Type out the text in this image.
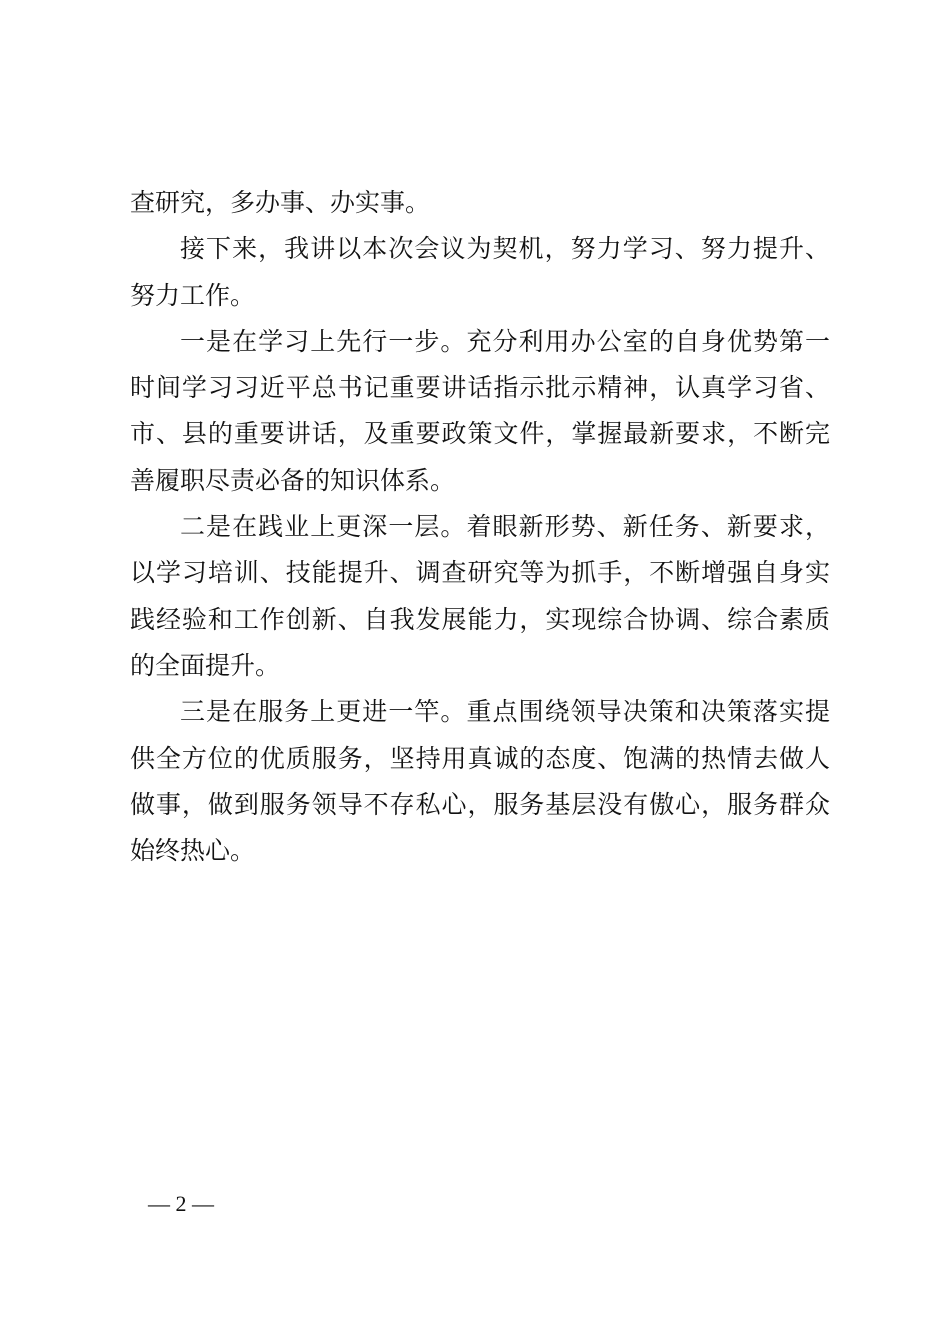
查研究，多办事、办实事。
接下来，我讲以本次会议为契机，努力学习、努力提升、
努力工作。
一是在学习上先行一步。充分利用办公室的自身优势第一
时间学习习近平总书记重要讲话指示批示精神，认真学习省、
市、县的重要讲话，及重要政策文件，掌握最新要求，不断完
善履职尽责必备的知识体系。
二是在践业上更深一层。着眼新形势、新任务、新要求，
以学习培训、技能提升、调查研究等为抓手，不断增强自身实
践经验和工作创新、自我发展能力，实现综合协调、综合素质
的全面提升。
三是在服务上更进一竿。重点围绕领导决策和决策落实提
供全方位的优质服务，坚持用真诚的态度、饱满的热情去做人
做事，做到服务领导不存私心，服务基层没有傲心，服务群众
始终热心。
— 2 —
